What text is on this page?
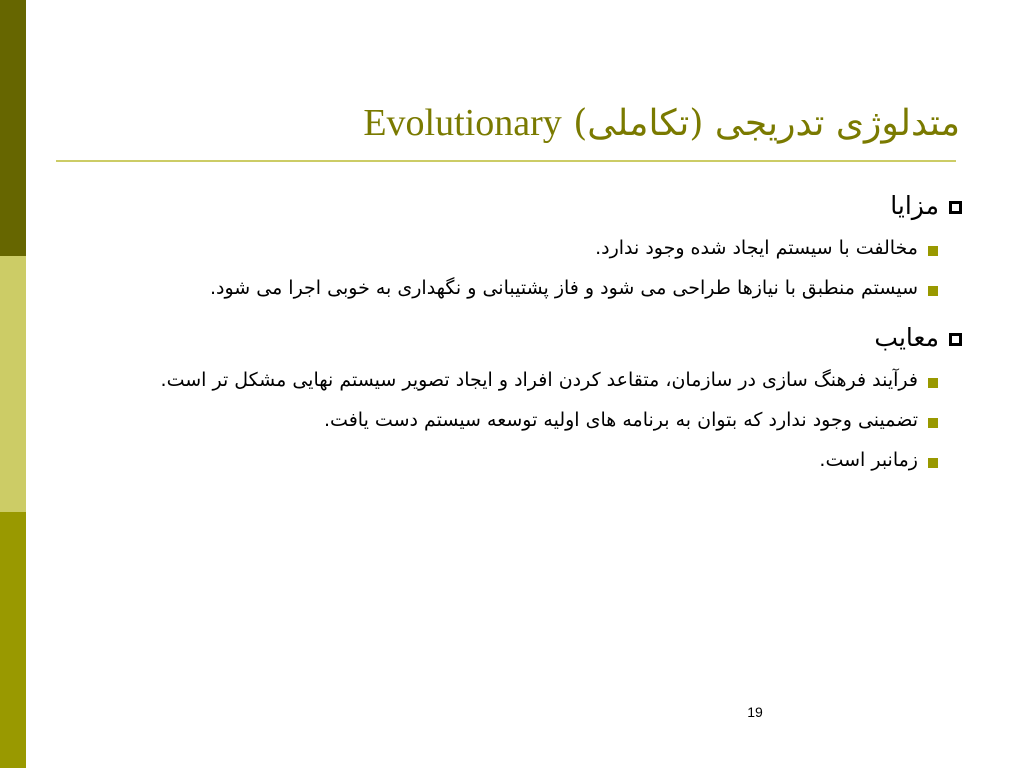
متدلوژی تدریجی (تکاملی) Evolutionary
مزایا
مخالفت با سیستم ایجاد شده وجود ندارد.
سیستم منطبق با نیازها طراحی می شود و فاز پشتیبانی و نگهداری به خوبی اجرا می شود.
معایب
فرآیند فرهنگ سازی در سازمان، متقاعد کردن افراد و ایجاد تصویر سیستم نهایی مشکل تر است.
تضمینی وجود ندارد که بتوان به برنامه های اولیه توسعه سیستم دست یافت.
زمانبر است.
19
